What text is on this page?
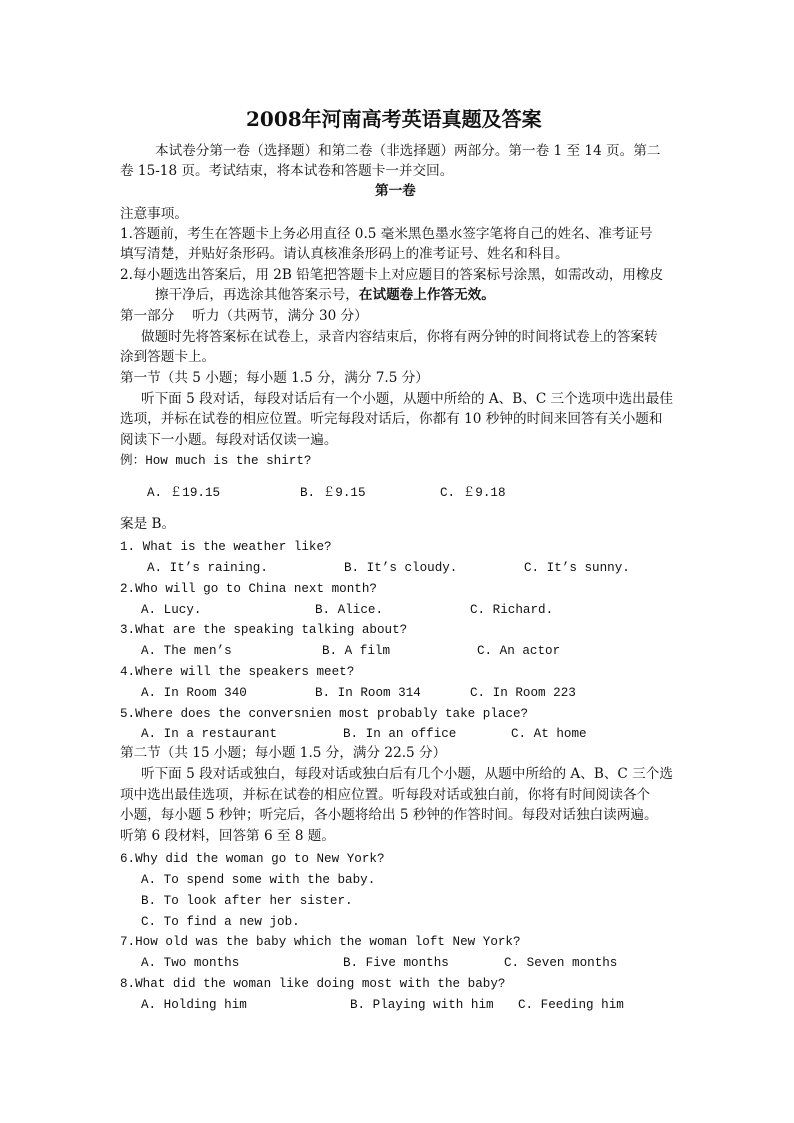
2008年河南高考英语真题及答案
本试卷分第一卷（选择题）和第二卷（非选择题）两部分。第一卷 1 至 14 页。第二
卷 15-18 页。考试结束，将本试卷和答题卡一并交回。
第一卷
注意事项。
1.答题前，考生在答题卡上务必用直径 0.5 毫米黑色墨水签字笔将自己的姓名、准考证号
填写清楚，并贴好条形码。请认真核准条形码上的准考证号、姓名和科目。
2.每小题选出答案后，用 2B 铅笔把答题卡上对应题目的答案标号涂黑，如需改动，用橡皮
擦干净后，再选涂其他答案示号，在试题卷上作答无效。
第一部分　 听力（共两节，满分 30 分）
做题时先将答案标在试卷上，录音内容结束后，你将有两分钟的时间将试卷上的答案转
涂到答题卡上。
第一节（共 5 小题；每小题 1.5 分，满分 7.5 分）
听下面 5 段对话，每段对话后有一个小题，从题中所给的 A、B、C 三个选项中选出最佳
选项，并标在试卷的相应位置。听完每段对话后，你都有 10 秒钟的时间来回答有关小题和
阅读下一小题。每段对话仅读一遍。
例：How much is the shirt?
A. ￡19.15	B. ￡9.15	C. ￡9.18
案是 B。
1. What is the weather like?
A. It’s raining.	B. It’s cloudy.	C. It’s sunny.
2.Who will go to China next month?
A. Lucy.	B. Alice.	C. Richard.
3.What are the speaking talking about?
A. The men’s	B. A film	C. An actor
4.Where will the speakers meet?
A. In Room 340	B. In Room 314	C. In Room 223
5.Where does the conversnien most probably take place?
A. In a restaurant	B. In an office	C. At home
第二节（共 15 小题；每小题 1.5 分，满分 22.5 分）
听下面 5 段对话或独白，每段对话或独白后有几个小题，从题中所给的 A、B、C 三个选
项中选出最佳选项，并标在试卷的相应位置。听每段对话或独白前，你将有时间阅读各个
小题，每小题 5 秒钟；听完后，各小题将给出 5 秒钟的作答时间。每段对话独白读两遍。
听第 6 段材料，回答第 6 至 8 题。
6.Why did the woman go to New York?
A. To spend some with the baby.
B. To look after her sister.
C. To find a new job.
7.How old was the baby which the woman loft New York?
A. Two months	B. Five months	C. Seven months
8.What did the woman like doing most with the baby?
A. Holding him	B. Playing with him C. Feeding him
